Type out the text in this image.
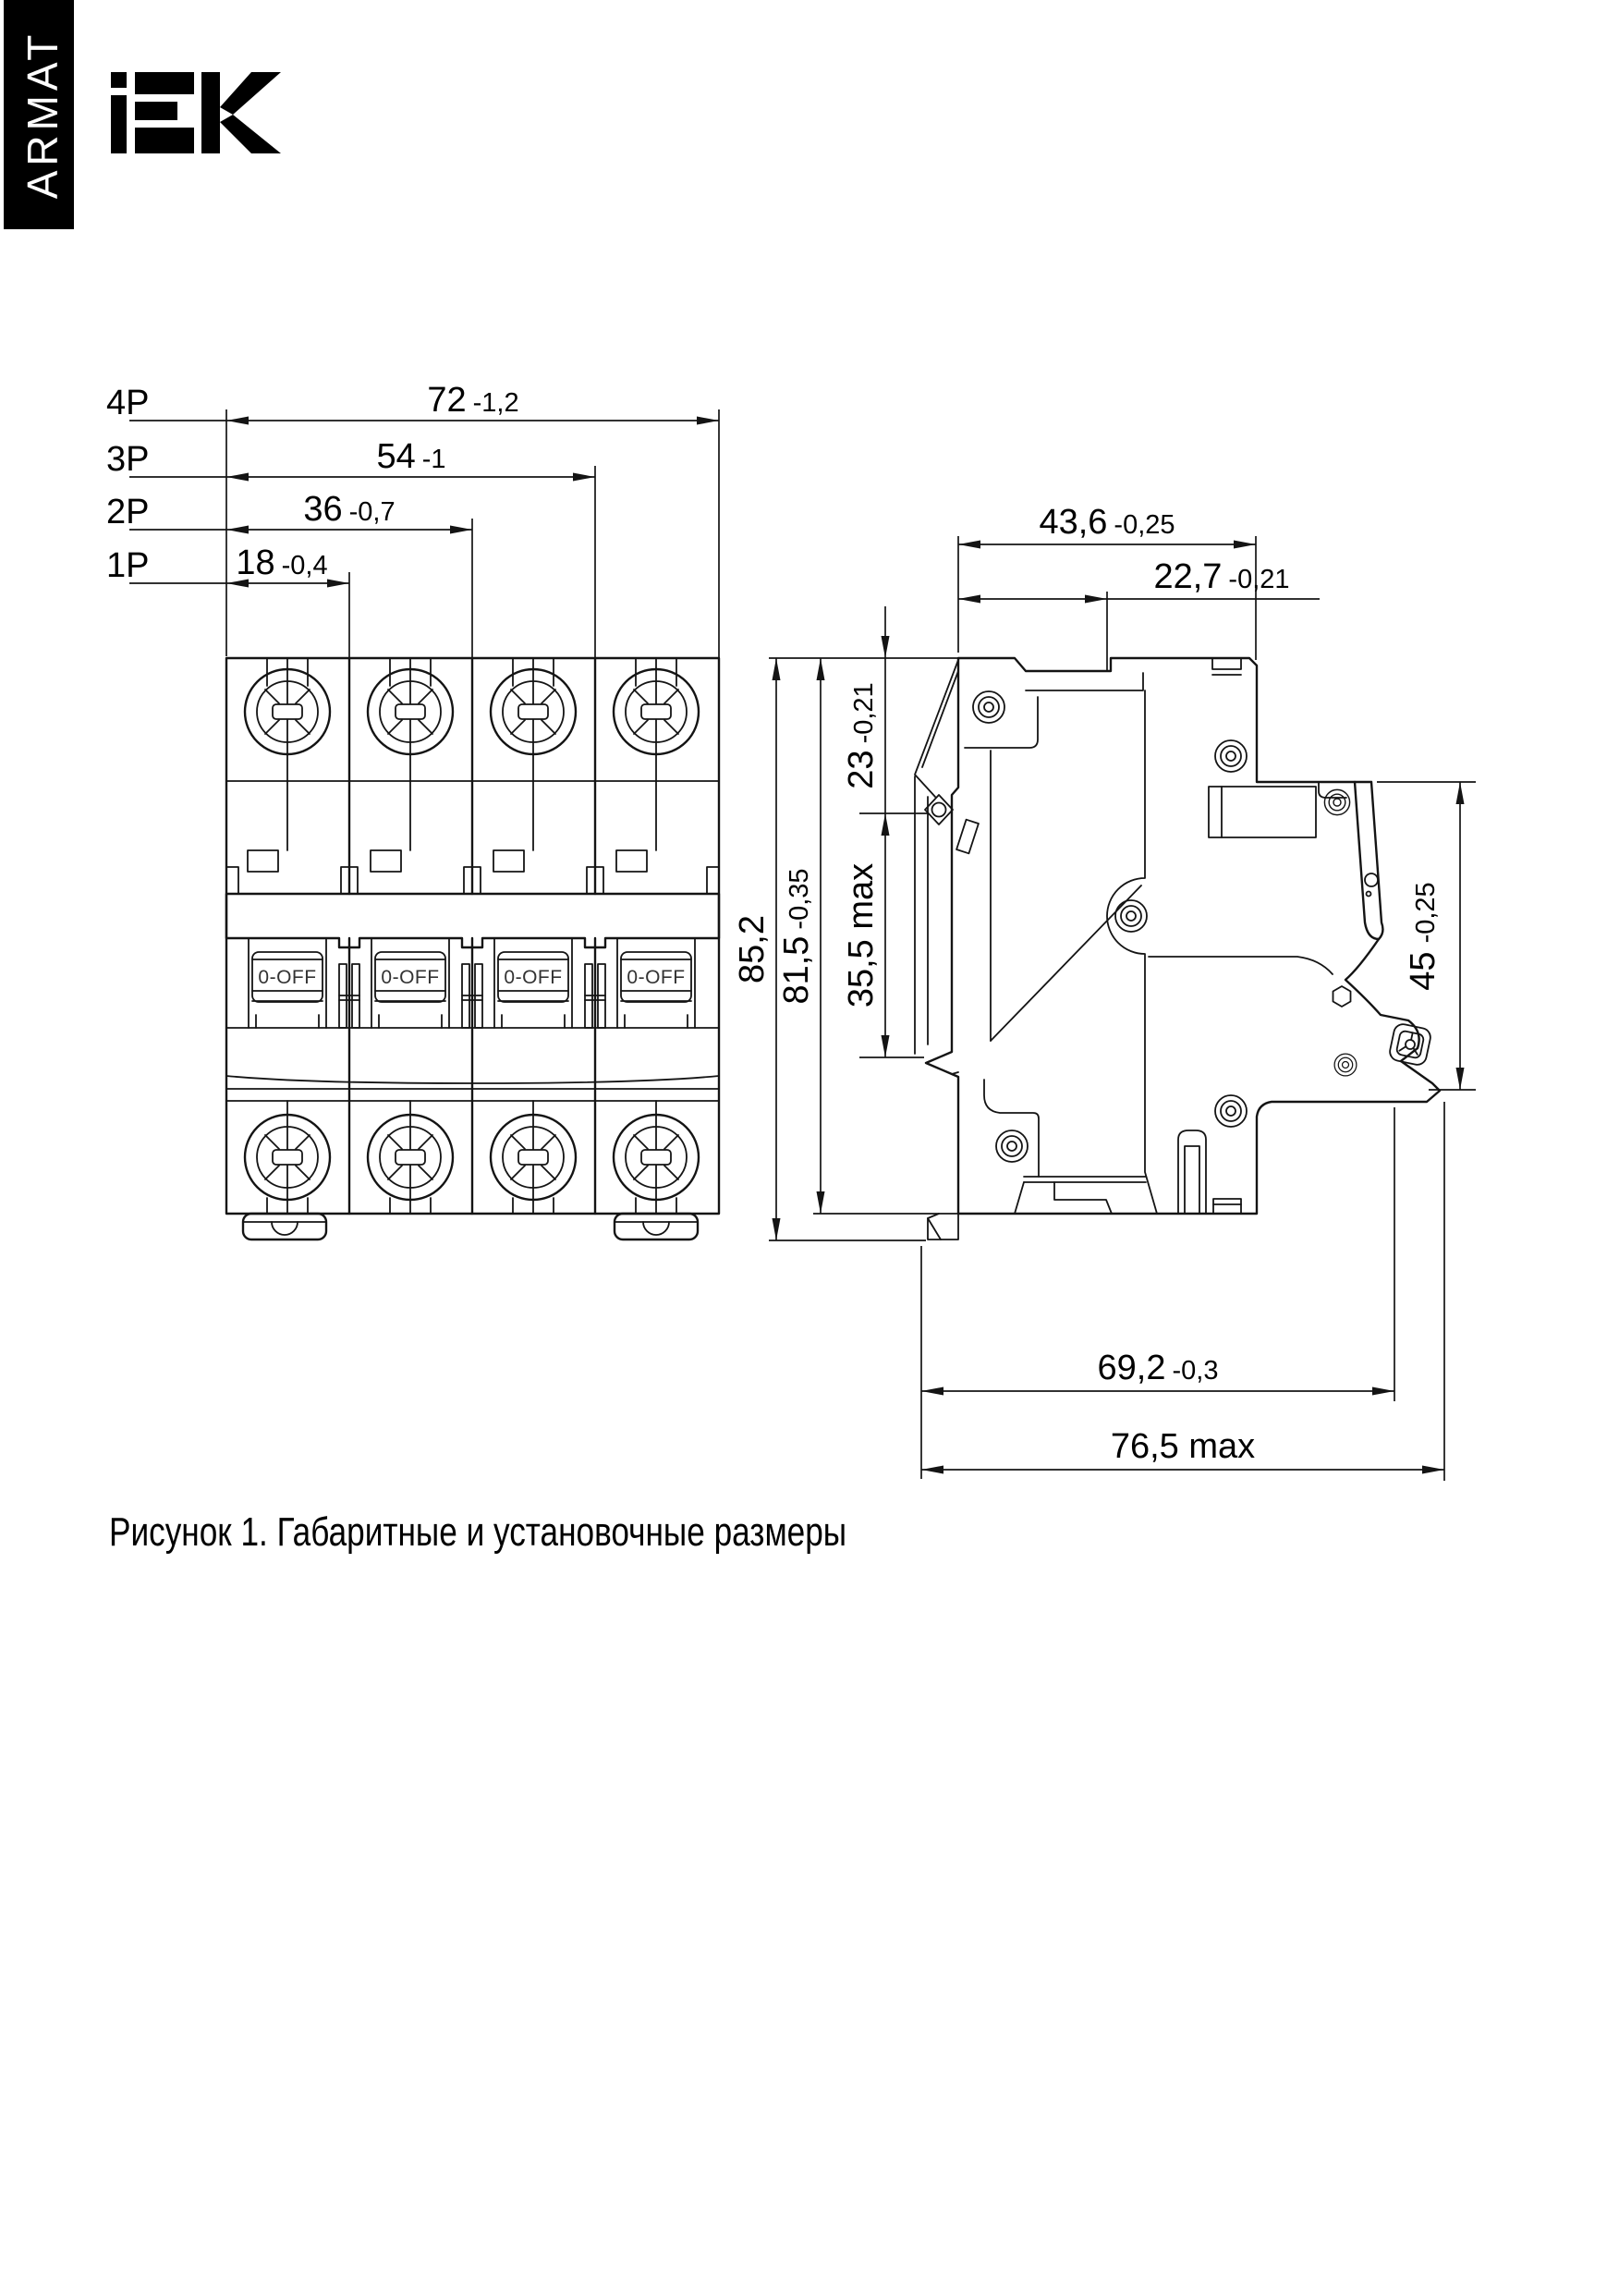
ARMAT
4P	72 -1,2
3P	54 -1
2P	36 -0,7
1P 18 -0,4
0-OFF	0-OFF	0-OFF	0-OFF
43,6 -0,25
22,7 -0,21
85,2 81,5-0,35
23-0,21
35,5 max	45-0,25
69,2 -0,3
76,5 max
Рисунок 1. Габаритные и установочные размеры
